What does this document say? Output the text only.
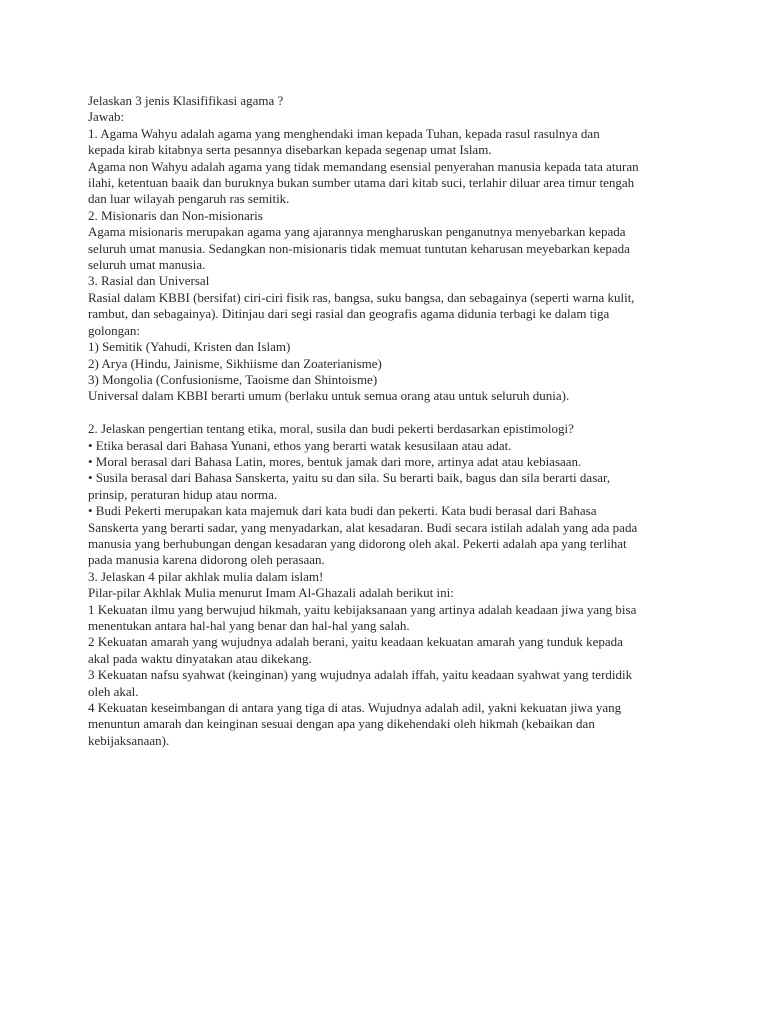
Jelaskan 3 jenis Klasififikasi agama ?
Jawab:
1. Agama Wahyu adalah agama yang menghendaki iman kepada Tuhan, kepada rasul rasulnya dan
kepada kirab kitabnya serta pesannya disebarkan kepada segenap umat Islam.
Agama non Wahyu adalah agama yang tidak memandang esensial penyerahan manusia kepada tata aturan
ilahi, ketentuan baaik dan buruknya bukan sumber utama dari kitab suci, terlahir diluar area timur tengah
dan luar wilayah pengaruh ras semitik.
2. Misionaris dan Non-misionaris
Agama misionaris merupakan agama yang ajarannya mengharuskan penganutnya menyebarkan kepada
seluruh umat manusia. Sedangkan non-misionaris tidak memuat tuntutan keharusan meyebarkan kepada
seluruh umat manusia.
3. Rasial dan Universal
Rasial dalam KBBI (bersifat) ciri-ciri fisik ras, bangsa, suku bangsa, dan sebagainya (seperti warna kulit,
rambut, dan sebagainya). Ditinjau dari segi rasial dan geografis agama didunia terbagi ke dalam tiga
golongan:
1) Semitik (Yahudi, Kristen dan Islam)
2) Arya (Hindu, Jainisme, Sikhiisme dan Zoaterianisme)
3) Mongolia (Confusionisme, Taoisme dan Shintoisme)
Universal dalam KBBI berarti umum (berlaku untuk semua orang atau untuk seluruh dunia).
2. Jelaskan pengertian tentang etika, moral, susila dan budi pekerti berdasarkan epistimologi?
• Etika berasal dari Bahasa Yunani, ethos yang berarti watak kesusilaan atau adat.
• Moral berasal dari Bahasa Latin, mores, bentuk jamak dari more, artinya adat atau kebiasaan.
• Susila berasal dari Bahasa Sanskerta, yaitu su dan sila. Su berarti baik, bagus dan sila berarti dasar,
prinsip, peraturan hidup atau norma.
• Budi Pekerti merupakan kata majemuk dari kata budi dan pekerti. Kata budi berasal dari Bahasa
Sanskerta yang berarti sadar, yang menyadarkan, alat kesadaran. Budi secara istilah adalah yang ada pada
manusia yang berhubungan dengan kesadaran yang didorong oleh akal. Pekerti adalah apa yang terlihat
pada manusia karena didorong oleh perasaan.
3. Jelaskan 4 pilar akhlak mulia dalam islam!
Pilar-pilar Akhlak Mulia menurut Imam Al-Ghazali adalah berikut ini:
1 Kekuatan ilmu yang berwujud hikmah, yaitu kebijaksanaan yang artinya adalah keadaan jiwa yang bisa
menentukan antara hal-hal yang benar dan hal-hal yang salah.
2 Kekuatan amarah yang wujudnya adalah berani, yaitu keadaan kekuatan amarah yang tunduk kepada
akal pada waktu dinyatakan atau dikekang.
3 Kekuatan nafsu syahwat (keinginan) yang wujudnya adalah iffah, yaitu keadaan syahwat yang terdidik
oleh akal.
4 Kekuatan keseimbangan di antara yang tiga di atas. Wujudnya adalah adil, yakni kekuatan jiwa yang
menuntun amarah dan keinginan sesuai dengan apa yang dikehendaki oleh hikmah (kebaikan dan
kebijaksanaan).
